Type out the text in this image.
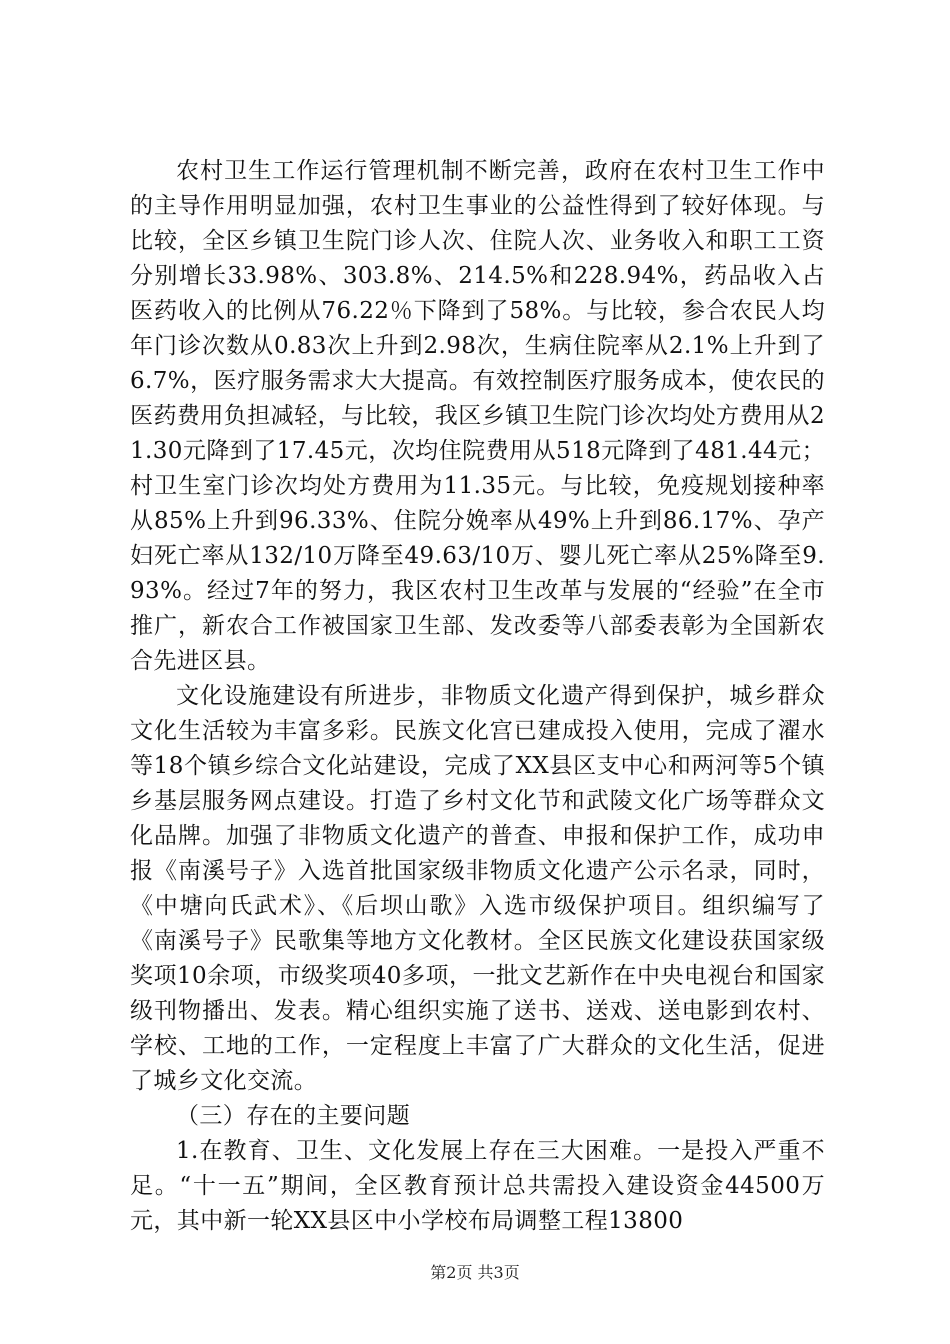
农村卫生工作运行管理机制不断完善，政府在农村卫生工作中的主导作用明显加强，农村卫生事业的公益性得到了较好体现。与比较，全区乡镇卫生院门诊人次、住院人次、业务收入和职工工资分别增长33.98%、303.8%、214.5%和228.94%，药品收入占医药收入的比例从76.22％下降到了58%。与比较，参合农民人均年门诊次数从0.83次上升到2.98次，生病住院率从2.1%上升到了6.7%，医疗服务需求大大提高。有效控制医疗服务成本，使农民的医药费用负担减轻，与比较，我区乡镇卫生院门诊次均处方费用从21.30元降到了17.45元，次均住院费用从518元降到了481.44元；村卫生室门诊次均处方费用为11.35元。与比较，免疫规划接种率从85%上升到96.33%、住院分娩率从49%上升到86.17%、孕产妇死亡率从132/10万降至49.63/10万、婴儿死亡率从25%降至9.93%。经过7年的努力，我区农村卫生改革与发展的“经验”在全市推广，新农合工作被国家卫生部、发改委等八部委表彰为全国新农合先进区县。

文化设施建设有所进步，非物质文化遗产得到保护，城乡群众文化生活较为丰富多彩。民族文化宫已建成投入使用，完成了濯水等18个镇乡综合文化站建设，完成了XX县区支中心和两河等5个镇乡基层服务网点建设。打造了乡村文化节和武陵文化广场等群众文化品牌。加强了非物质文化遗产的普查、申报和保护工作，成功申报《南溪号子》入选首批国家级非物质文化遗产公示名录，同时，《中塘向氏武术》、《后坝山歌》入选市级保护项目。组织编写了《南溪号子》民歌集等地方文化教材。全区民族文化建设获国家级奖项10余项，市级奖项40多项，一批文艺新作在中央电视台和国家级刊物播出、发表。精心组织实施了送书、送戏、送电影到农村、学校、工地的工作，一定程度上丰富了广大群众的文化生活，促进了城乡文化交流。

（三）存在的主要问题

1.在教育、卫生、文化发展上存在三大困难。一是投入严重不足。“十一五”期间，全区教育预计总共需投入建设资金44500万元，其中新一轮XX县区中小学校布局调整工程13800

第2页 共3页
